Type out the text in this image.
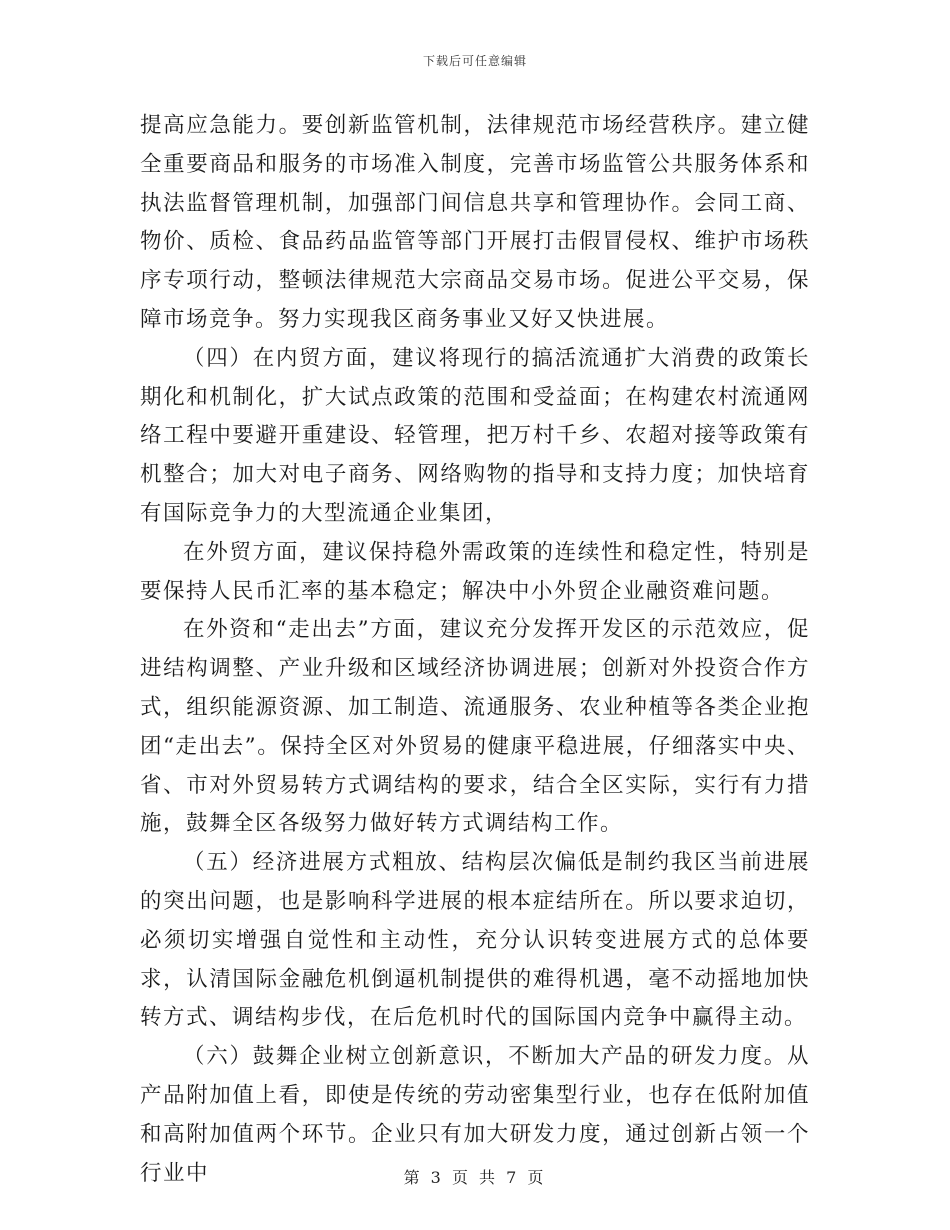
下载后可任意编辑

提高应急能力。要创新监管机制，法律规范市场经营秩序。建立健全重要商品和服务的市场准入制度，完善市场监管公共服务体系和执法监督管理机制，加强部门间信息共享和管理协作。会同工商、物价、质检、食品药品监管等部门开展打击假冒侵权、维护市场秩序专项行动，整顿法律规范大宗商品交易市场。促进公平交易，保障市场竞争。努力实现我区商务事业又好又快进展。

（四）在内贸方面，建议将现行的搞活流通扩大消费的政策长期化和机制化，扩大试点政策的范围和受益面；在构建农村流通网络工程中要避开重建设、轻管理，把万村千乡、农超对接等政策有机整合；加大对电子商务、网络购物的指导和支持力度；加快培育有国际竞争力的大型流通企业集团，

在外贸方面，建议保持稳外需政策的连续性和稳定性，特别是要保持人民币汇率的基本稳定；解决中小外贸企业融资难问题。

在外资和“走出去”方面，建议充分发挥开发区的示范效应，促进结构调整、产业升级和区域经济协调进展；创新对外投资合作方式，组织能源资源、加工制造、流通服务、农业种植等各类企业抱团“走出去”。保持全区对外贸易的健康平稳进展，仔细落实中央、省、市对外贸易转方式调结构的要求，结合全区实际，实行有力措施，鼓舞全区各级努力做好转方式调结构工作。

（五）经济进展方式粗放、结构层次偏低是制约我区当前进展的突出问题，也是影响科学进展的根本症结所在。所以要求迫切，必须切实增强自觉性和主动性，充分认识转变进展方式的总体要求，认清国际金融危机倒逼机制提供的难得机遇，毫不动摇地加快转方式、调结构步伐，在后危机时代的国际国内竞争中赢得主动。

（六）鼓舞企业树立创新意识，不断加大产品的研发力度。从产品附加值上看，即使是传统的劳动密集型行业，也存在低附加值和高附加值两个环节。企业只有加大研发力度，通过创新占领一个行业中	第 3 页 共 7 页
